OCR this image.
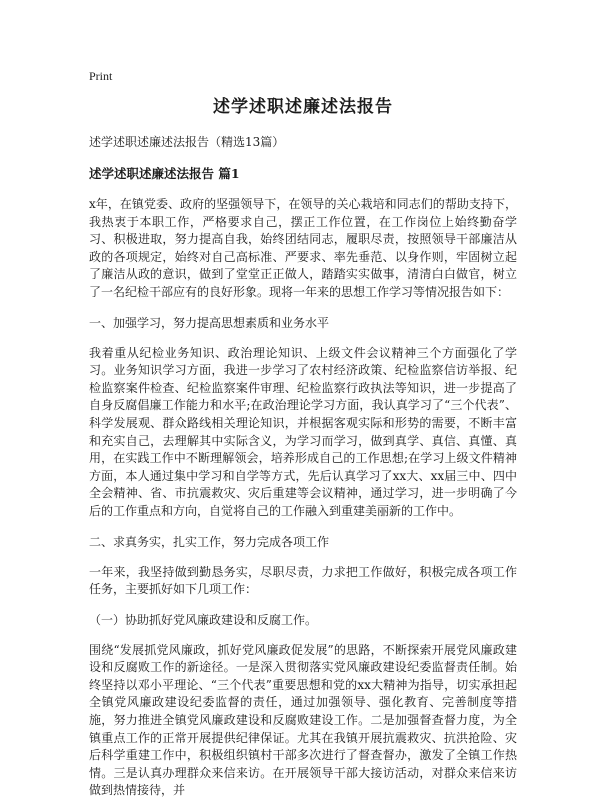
Print
述学述职述廉述法报告
述学述职述廉述法报告（精选13篇）
述学述职述廉述法报告 篇1
x年，在镇党委、政府的坚强领导下，在领导的关心栽培和同志们的帮助支持下，我热衷于本职工作，严格要求自己，摆正工作位置，在工作岗位上始终勤奋学习、积极进取，努力提高自我，始终团结同志，履职尽责，按照领导干部廉洁从政的各项规定，始终对自己高标准、严要求、率先垂范、以身作则，牢固树立起了廉洁从政的意识，做到了堂堂正正做人，踏踏实实做事，清清白白做官，树立了一名纪检干部应有的良好形象。现将一年来的思想工作学习等情况报告如下：
一、加强学习，努力提高思想素质和业务水平
我着重从纪检业务知识、政治理论知识、上级文件会议精神三个方面强化了学习。业务知识学习方面，我进一步学习了农村经济政策、纪检监察信访举报、纪检监察案件检查、纪检监察案件审理、纪检监察行政执法等知识，进一步提高了自身反腐倡廉工作能力和水平;在政治理论学习方面，我认真学习了“三个代表”、科学发展观、群众路线相关理论知识，并根据客观实际和形势的需要，不断丰富和充实自己，去理解其中实际含义，为学习而学习，做到真学、真信、真懂、真用，在实践工作中不断理解领会，培养形成自己的工作思想;在学习上级文件精神方面，本人通过集中学习和自学等方式，先后认真学习了xx大、xx届三中、四中全会精神、省、市抗震救灾、灾后重建等会议精神，通过学习，进一步明确了今后的工作重点和方向，自觉将自己的工作融入到重建美丽新的工作中。
二、求真务实，扎实工作，努力完成各项工作
一年来，我坚持做到勤恳务实，尽职尽责，力求把工作做好，积极完成各项工作任务，主要抓好如下几项工作：
（一）协助抓好党风廉政建设和反腐工作。
围绕“发展抓党风廉政，抓好党风廉政促发展”的思路，不断探索开展党风廉政建设和反腐败工作的新途径。一是深入贯彻落实党风廉政建设纪委监督责任制。始终坚持以邓小平理论、“三个代表”重要思想和党的xx大精神为指导，切实承担起全镇党风廉政建设纪委监督的责任，通过加强领导、强化教育、完善制度等措施，努力推进全镇党风廉政建设和反腐败建设工作。二是加强督查督力度，为全镇重点工作的正常开展提供纪律保证。尤其在我镇开展抗震救灾、抗洪抢险、灾后科学重建工作中，积极组织镇村干部多次进行了督查督办，激发了全镇工作热情。三是认真办理群众来信来访。在开展领导干部大接访活动，对群众来信来访做到热情接待，并
